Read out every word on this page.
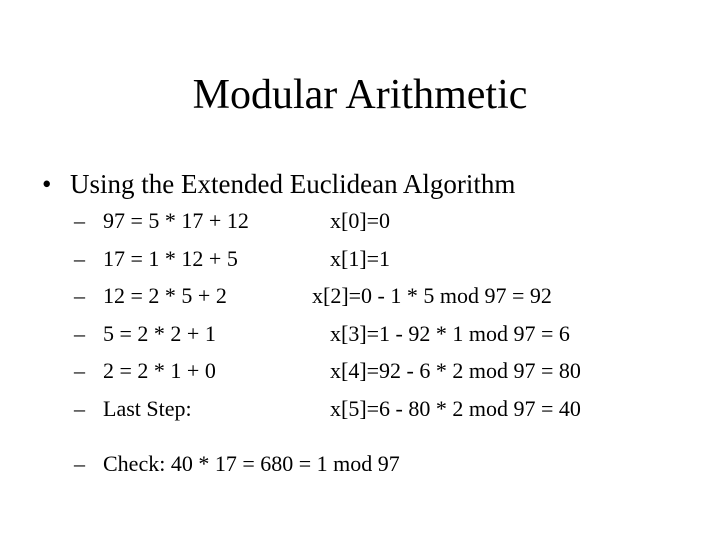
Modular Arithmetic
• Using the Extended Euclidean Algorithm
– 97 = 5 * 17 + 12	x[0]=0
– 17 = 1 * 12 + 5	x[1]=1
– 12 = 2 * 5 + 2	x[2]=0 - 1 * 5 mod 97 = 92
– 5 = 2 * 2 + 1	x[3]=1 - 92 * 1 mod 97 = 6
– 2 = 2 * 1 + 0	x[4]=92 - 6 * 2 mod 97 = 80
– Last Step:	x[5]=6 - 80 * 2 mod 97 = 40
– Check: 40 * 17 = 680 = 1 mod 97
